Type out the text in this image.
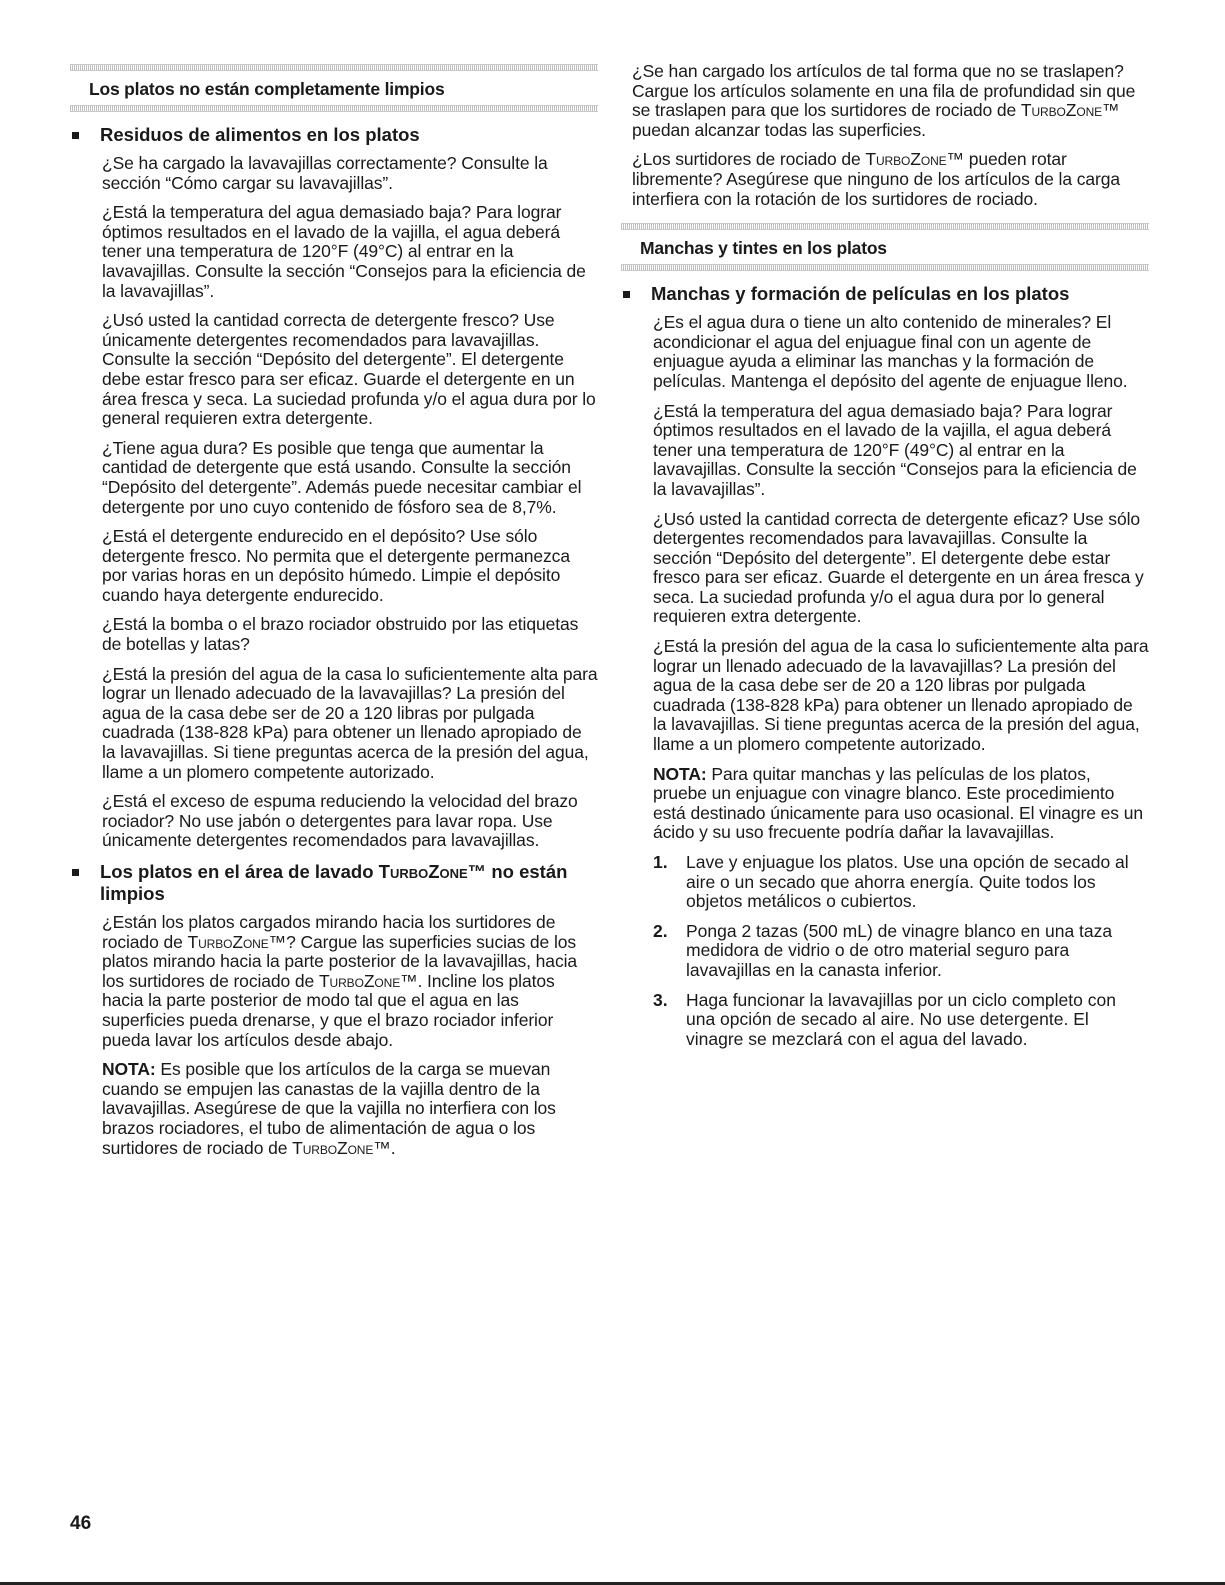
Los platos no están completamente limpios
Residuos de alimentos en los platos

¿Se ha cargado la lavavajillas correctamente? Consulte la sección “Cómo cargar su lavavajillas”.

¿Está la temperatura del agua demasiado baja? Para lograr óptimos resultados en el lavado de la vajilla, el agua deberá tener una temperatura de 120°F (49°C) al entrar en la lavavajillas. Consulte la sección “Consejos para la eficiencia de la lavavajillas”.

¿Usó usted la cantidad correcta de detergente fresco? Use únicamente detergentes recomendados para lavavajillas. Consulte la sección “Depósito del detergente”. El detergente debe estar fresco para ser eficaz. Guarde el detergente en un área fresca y seca. La suciedad profunda y/o el agua dura por lo general requieren extra detergente.

¿Tiene agua dura? Es posible que tenga que aumentar la cantidad de detergente que está usando. Consulte la sección “Depósito del detergente”. Además puede necesitar cambiar el detergente por uno cuyo contenido de fósforo sea de 8,7%.

¿Está el detergente endurecido en el depósito? Use sólo detergente fresco. No permita que el detergente permanezca por varias horas en un depósito húmedo. Limpie el depósito cuando haya detergente endurecido.

¿Está la bomba o el brazo rociador obstruido por las etiquetas de botellas y latas?

¿Está la presión del agua de la casa lo suficientemente alta para lograr un llenado adecuado de la lavavajillas? La presión del agua de la casa debe ser de 20 a 120 libras por pulgada cuadrada (138-828 kPa) para obtener un llenado apropiado de la lavavajillas. Si tiene preguntas acerca de la presión del agua, llame a un plomero competente autorizado.

¿Está el exceso de espuma reduciendo la velocidad del brazo rociador? No use jabón o detergentes para lavar ropa. Use únicamente detergentes recomendados para lavavajillas.

Los platos en el área de lavado TurboZone™ no están limpios

¿Están los platos cargados mirando hacia los surtidores de rociado de TurboZone™? Cargue las superficies sucias de los platos mirando hacia la parte posterior de la lavavajillas, hacia los surtidores de rociado de TurboZone™. Incline los platos hacia la parte posterior de modo tal que el agua en las superficies pueda drenarse, y que el brazo rociador inferior pueda lavar los artículos desde abajo.

NOTA: Es posible que los artículos de la carga se muevan cuando se empujen las canastas de la vajilla dentro de la lavavajillas. Asegúrese de que la vajilla no interfiera con los brazos rociadores, el tubo de alimentación de agua o los surtidores de rociado de TurboZone™.

¿Se han cargado los artículos de tal forma que no se traslapen? Cargue los artículos solamente en una fila de profundidad sin que se traslapen para que los surtidores de rociado de TurboZone™ puedan alcanzar todas las superficies.

¿Los surtidores de rociado de TurboZone™ pueden rotar libremente? Asegúrese que ninguno de los artículos de la carga interfiera con la rotación de los surtidores de rociado.

Manchas y tintes en los platos
Manchas y formación de películas en los platos

¿Es el agua dura o tiene un alto contenido de minerales? El acondicionar el agua del enjuague final con un agente de enjuague ayuda a eliminar las manchas y la formación de películas. Mantenga el depósito del agente de enjuague lleno.

¿Está la temperatura del agua demasiado baja? Para lograr óptimos resultados en el lavado de la vajilla, el agua deberá tener una temperatura de 120°F (49°C) al entrar en la lavavajillas. Consulte la sección “Consejos para la eficiencia de la lavavajillas”.

¿Usó usted la cantidad correcta de detergente eficaz? Use sólo detergentes recomendados para lavavajillas. Consulte la sección “Depósito del detergente”. El detergente debe estar fresco para ser eficaz. Guarde el detergente en un área fresca y seca. La suciedad profunda y/o el agua dura por lo general requieren extra detergente.

¿Está la presión del agua de la casa lo suficientemente alta para lograr un llenado adecuado de la lavavajillas? La presión del agua de la casa debe ser de 20 a 120 libras por pulgada cuadrada (138-828 kPa) para obtener un llenado apropiado de la lavavajillas. Si tiene preguntas acerca de la presión del agua, llame a un plomero competente autorizado.

NOTA: Para quitar manchas y las películas de los platos, pruebe un enjuague con vinagre blanco. Este procedimiento está destinado únicamente para uso ocasional. El vinagre es un ácido y su uso frecuente podría dañar la lavavajillas.

1. Lave y enjuague los platos. Use una opción de secado al aire o un secado que ahorra energía. Quite todos los objetos metálicos o cubiertos.
2. Ponga 2 tazas (500 mL) de vinagre blanco en una taza medidora de vidrio o de otro material seguro para lavavajillas en la canasta inferior.
3. Haga funcionar la lavavajillas por un ciclo completo con una opción de secado al aire. No use detergente. El vinagre se mezclará con el agua del lavado.
46
